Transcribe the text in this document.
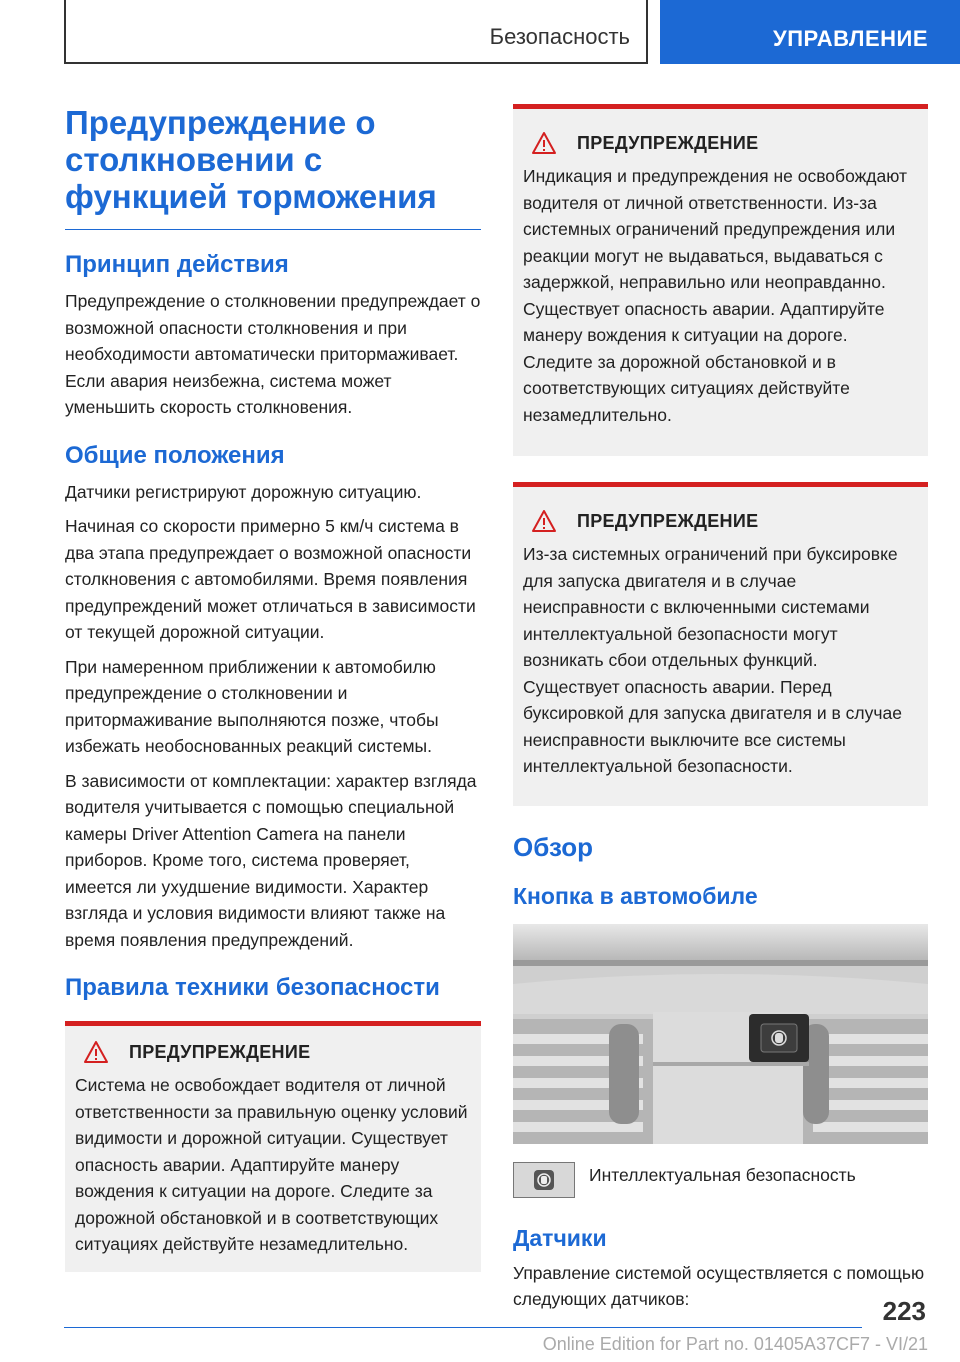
Безопасность	УПРАВЛЕНИЕ
Предупреждение о столкновении с функцией торможения
Принцип действия

Предупреждение о столкновении предупреждает о возможной опасности столкновения и при необходимости автоматически притормаживает. Если авария неизбежна, система может уменьшить скорость столкновения.

Общие положения

Датчики регистрируют дорожную ситуацию.

Начиная со скорости примерно 5 км/ч система в два этапа предупреждает о возможной опасности столкновения с автомобилями. Время появления предупреждений может отличаться в зависимости от текущей дорожной ситуации.

При намеренном приближении к автомобилю предупреждение о столкновении и притормаживание выполняются позже, чтобы избежать необоснованных реакций системы.

В зависимости от комплектации: характер взгляда водителя учитывается с помощью специальной камеры Driver Attention Camera на панели приборов. Кроме того, система проверяет, имеется ли ухудшение видимости. Характер взгляда и условия видимости влияют также на время появления предупреждений.

Правила техники безопасности
ПРЕДУПРЕЖДЕНИЕ

Система не освобождает водителя от личной ответственности за правильную оценку условий видимости и дорожной ситуации. Существует опасность аварии. Адаптируйте манеру вождения к ситуации на дороге. Следите за дорожной обстановкой и в соответствующих ситуациях действуйте незамедлительно.

ПРЕДУПРЕЖДЕНИЕ

Индикация и предупреждения не освобождают водителя от личной ответственности. Из-за системных ограничений предупреждения или реакции могут не выдаваться, выдаваться с задержкой, неправильно или неоправданно. Существует опасность аварии. Адаптируйте манеру вождения к ситуации на дороге. Следите за дорожной обстановкой и в соответствующих ситуациях действуйте незамедлительно.

ПРЕДУПРЕЖДЕНИЕ

Из-за системных ограничений при буксировке для запуска двигателя и в случае неисправности с включенными системами интеллектуальной безопасности могут возникать сбои отдельных функций. Существует опасность аварии. Перед буксировкой для запуска двигателя и в случае неисправности выключите все системы интеллектуальной безопасности.

Обзор
Кнопка в автомобиле
Интеллектуальная безопасность
Датчики

Управление системой осуществляется с помощью следующих датчиков:	223
Online Edition for Part no. 01405A37CF7 - VI/21
